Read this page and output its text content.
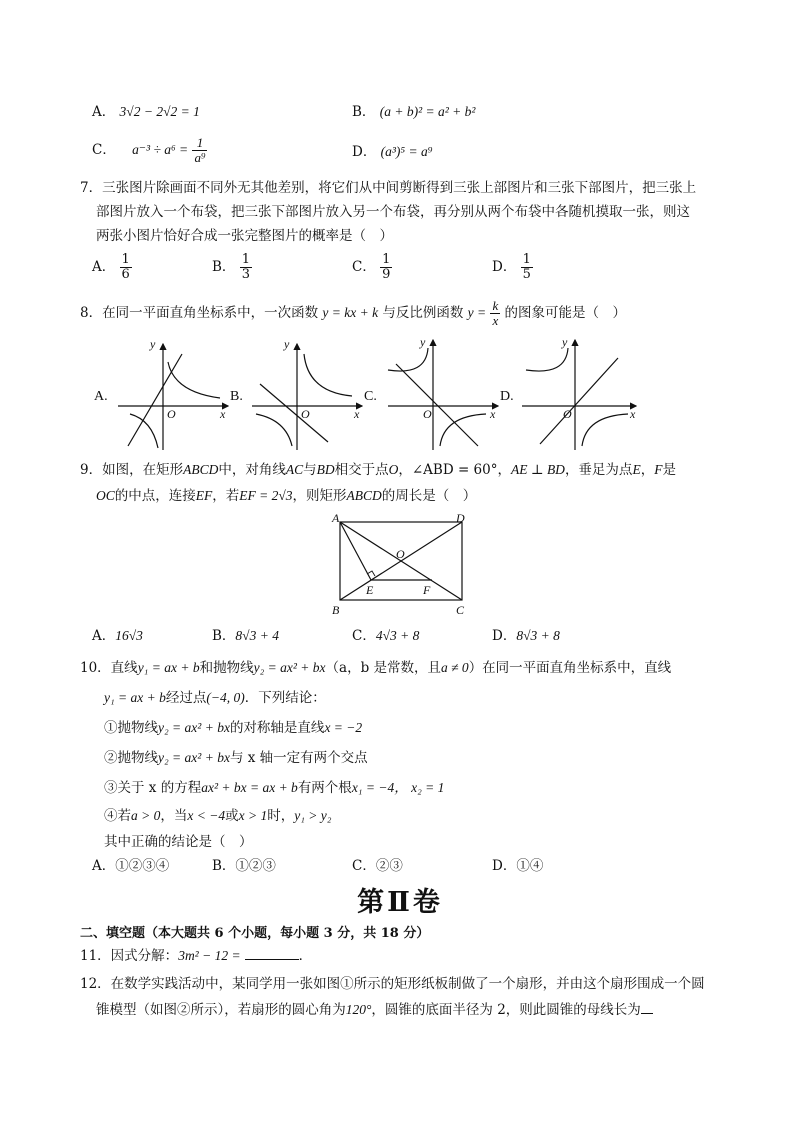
A． 3√2 − 2√2 = 1	B． (a + b)² = a² + b²
C． $a^{-3} \div a^6 = \frac{1}{\text{a⁹}}$	D． (a³)⁵ = a⁹
7．三张图片除画面不同外无其他差别，将它们从中间剪断得到三张上部图片和三张下部图片，把三张上
部图片放入一个布袋，把三张下部图片放入另一个布袋，再分别从两个布袋中各随机摸取一张，则这
两张小图片恰好合成一张完整图片的概率是（　）
A． $\frac{1}{6}$	B． $\frac{1}{3}$	C． $\frac{1}{9}$	D． $\frac{1}{5}$
8．在同一平面直角坐标系中，一次函数 y = kx + k 与反比例函数 $y = \frac{k}{x}$ 的图象可能是（　）
A.
y
x
O
B.
y
x
O
C.
y
x
O
D.
y
x
O
9．如图，在矩形ABCD中，对角线AC与BD相交于点O，∠ABD = 60°，AE ⊥ BD，垂足为点E，F是
OC的中点，连接EF，若EF = 2√3，则矩形ABCD的周长是（　）
A	D
B	C
O
E	F
A．16√3	B．8√3 + 4	C．4√3 + 8	D．8√3 + 8
10．直线y₁ = ax + b和抛物线y₂ = ax² + bx（a，b 是常数，且a ≠ 0）在同一平面直角坐标系中，直线
y₁ = ax + b经过点(−4, 0)．下列结论：
①抛物线y₂ = ax² + bx的对称轴是直线x = −2
②抛物线y₂ = ax² + bx与 x 轴一定有两个交点
③关于 x 的方程ax² + bx = ax + b有两个根x₁ = −4， x₂ = 1
④若a > 0，当x < −4或x > 1时，y₁ > y₂
其中正确的结论是（　）
A．①②③④	B．①②③	C．②③	D．①④
第Ⅱ卷
二、填空题（本大题共 6 个小题，每小题 3 分，共 18 分）
11．因式分解：3m² − 12 =	．
12．在数学实践活动中，某同学用一张如图①所示的矩形纸板制做了一个扇形，并由这个扇形围成一个圆
锥模型（如图②所示），若扇形的圆心角为120°，圆锥的底面半径为 2，则此圆锥的母线长为
